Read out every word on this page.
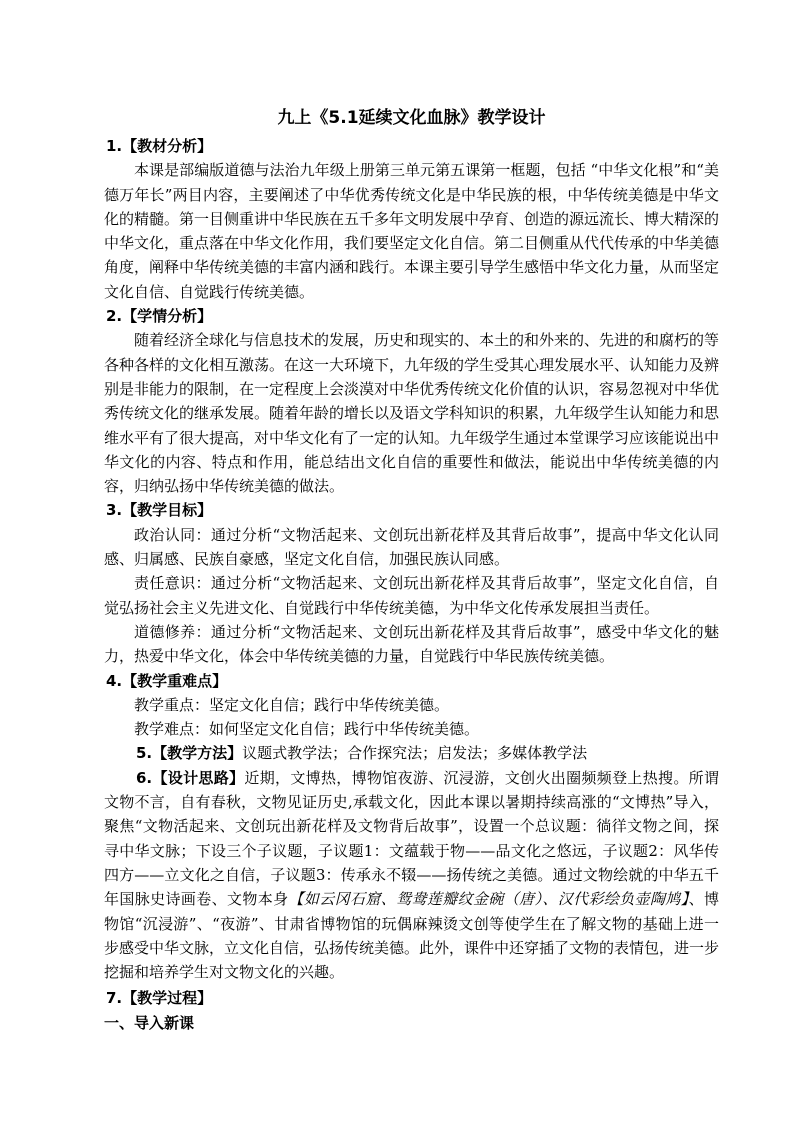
九上《5.1延续文化血脉》教学设计
1.【教材分析】

本课是部编版道德与法治九年级上册第三单元第五课第一框题，包括 “中华文化根”和“美德万年长”两目内容，主要阐述了中华优秀传统文化是中华民族的根，中华传统美德是中华文化的精髓。第一目侧重讲中华民族在五千多年文明发展中孕育、创造的源远流长、博大精深的中华文化，重点落在中华文化作用，我们要坚定文化自信。第二目侧重从代代传承的中华美德角度，阐释中华传统美德的丰富内涵和践行。本课主要引导学生感悟中华文化力量，从而坚定文化自信、自觉践行传统美德。

2.【学情分析】

随着经济全球化与信息技术的发展，历史和现实的、本土的和外来的、先进的和腐朽的等各种各样的文化相互激荡。在这一大环境下，九年级的学生受其心理发展水平、认知能力及辨别是非能力的限制，在一定程度上会淡漠对中华优秀传统文化价值的认识，容易忽视对中华优秀传统文化的继承发展。随着年龄的增长以及语文学科知识的积累，九年级学生认知能力和思维水平有了很大提高，对中华文化有了一定的认知。九年级学生通过本堂课学习应该能说出中华文化的内容、特点和作用，能总结出文化自信的重要性和做法，能说出中华传统美德的内容，归纳弘扬中华传统美德的做法。

3.【教学目标】

政治认同：通过分析“文物活起来、文创玩出新花样及其背后故事”，提高中华文化认同感、归属感、民族自豪感，坚定文化自信，加强民族认同感。

责任意识：通过分析“文物活起来、文创玩出新花样及其背后故事”，坚定文化自信，自觉弘扬社会主义先进文化、自觉践行中华传统美德，为中华文化传承发展担当责任。

道德修养：通过分析“文物活起来、文创玩出新花样及其背后故事”，感受中华文化的魅力，热爱中华文化，体会中华传统美德的力量，自觉践行中华民族传统美德。

4.【教学重难点】

教学重点：坚定文化自信；践行中华传统美德。

教学难点：如何坚定文化自信；践行中华传统美德。

5.【教学方法】议题式教学法；合作探究法；启发法；多媒体教学法

6.【设计思路】近期，文博热，博物馆夜游、沉浸游，文创火出圈频频登上热搜。所谓文物不言，自有春秋，文物见证历史,承载文化，因此本课以暑期持续高涨的“文博热”导入，聚焦“文物活起来、文创玩出新花样及文物背后故事”，设置一个总议题：徜徉文物之间，探寻中华文脉；下设三个子议题，子议题1：文蕴载于物——品文化之悠远，子议题2：风华传四方——立文化之自信，子议题3：传承永不辍——扬传统之美德。通过文物绘就的中华五千年国脉史诗画卷、文物本身【如云冈石窟、鸳鸯莲瓣纹金碗（唐）、汉代彩绘负壶陶鸠】、博物馆“沉浸游”、“夜游”、甘肃省博物馆的玩偶麻辣烫文创等使学生在了解文物的基础上进一步感受中华文脉，立文化自信，弘扬传统美德。此外，课件中还穿插了文物的表情包，进一步挖掘和培养学生对文物文化的兴趣。

7.【教学过程】
一、导入新课
